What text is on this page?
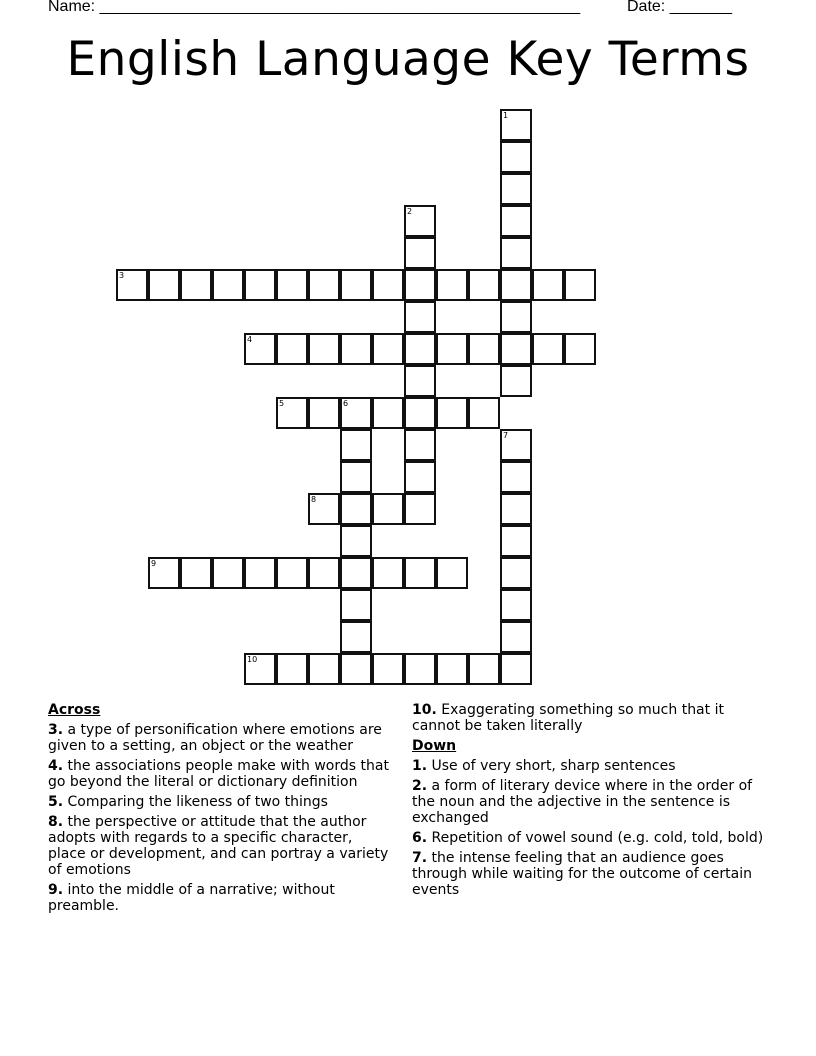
Name: ______________________________________________________	Date: _______
English Language Key Terms
1
2
3
4
5	6
7
8
9
10
Across
3. a type of personification where emotions are given to a setting, an object or the weather
4. the associations people make with words that go beyond the literal or dictionary definition
5. Comparing the likeness of two things
8. the perspective or attitude that the author adopts with regards to a specific character, place or development, and can portray a variety of emotions
9. into the middle of a narrative; without preamble.
10. Exaggerating something so much that it cannot be taken literally
Down
1. Use of very short, sharp sentences
2. a form of literary device where in the order of the noun and the adjective in the sentence is exchanged
6. Repetition of vowel sound (e.g. cold, told, bold)
7. the intense feeling that an audience goes through while waiting for the outcome of certain events
